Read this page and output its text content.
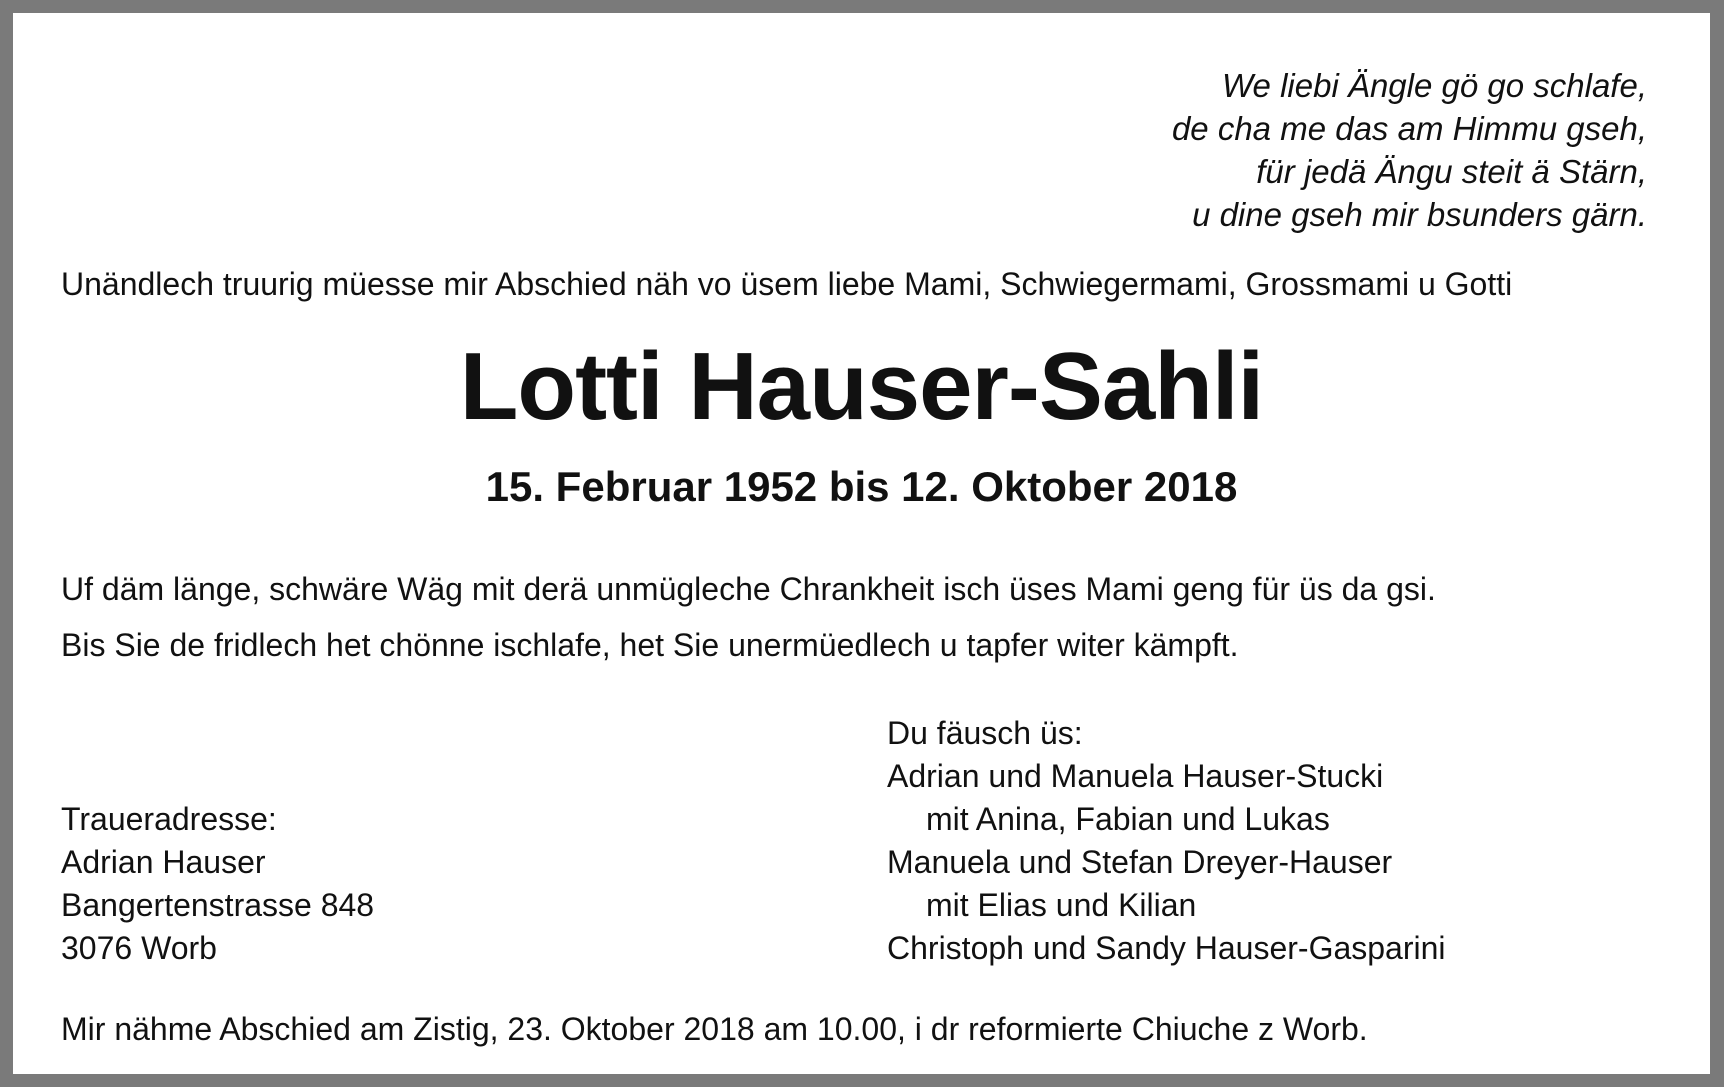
We liebi Ängle gö go schlafe,
de cha me das am Himmu gseh,
für jedä Ängu steit ä Stärn,
u dine gseh mir bsunders gärn.
Unändlech truurig müesse mir Abschied näh vo üsem liebe Mami, Schwiegermami, Grossmami u Gotti
Lotti Hauser-Sahli
15. Februar 1952 bis 12. Oktober 2018
Uf däm länge, schwäre Wäg mit derä unmügleche Chrankheit isch üses Mami geng für üs da gsi.
Bis Sie de fridlech het chönne ischlafe, het Sie unermüedlech u tapfer witer kämpft.
Du fäusch üs:
Adrian und Manuela Hauser-Stucki
mit Anina, Fabian und Lukas
Manuela und Stefan Dreyer-Hauser
mit Elias und Kilian
Christoph und Sandy Hauser-Gasparini
Traueradresse:
Adrian Hauser
Bangertenstrasse 848
3076 Worb
Mir nähme Abschied am Zistig, 23. Oktober 2018 am 10.00, i dr reformierte Chiuche z Worb.
